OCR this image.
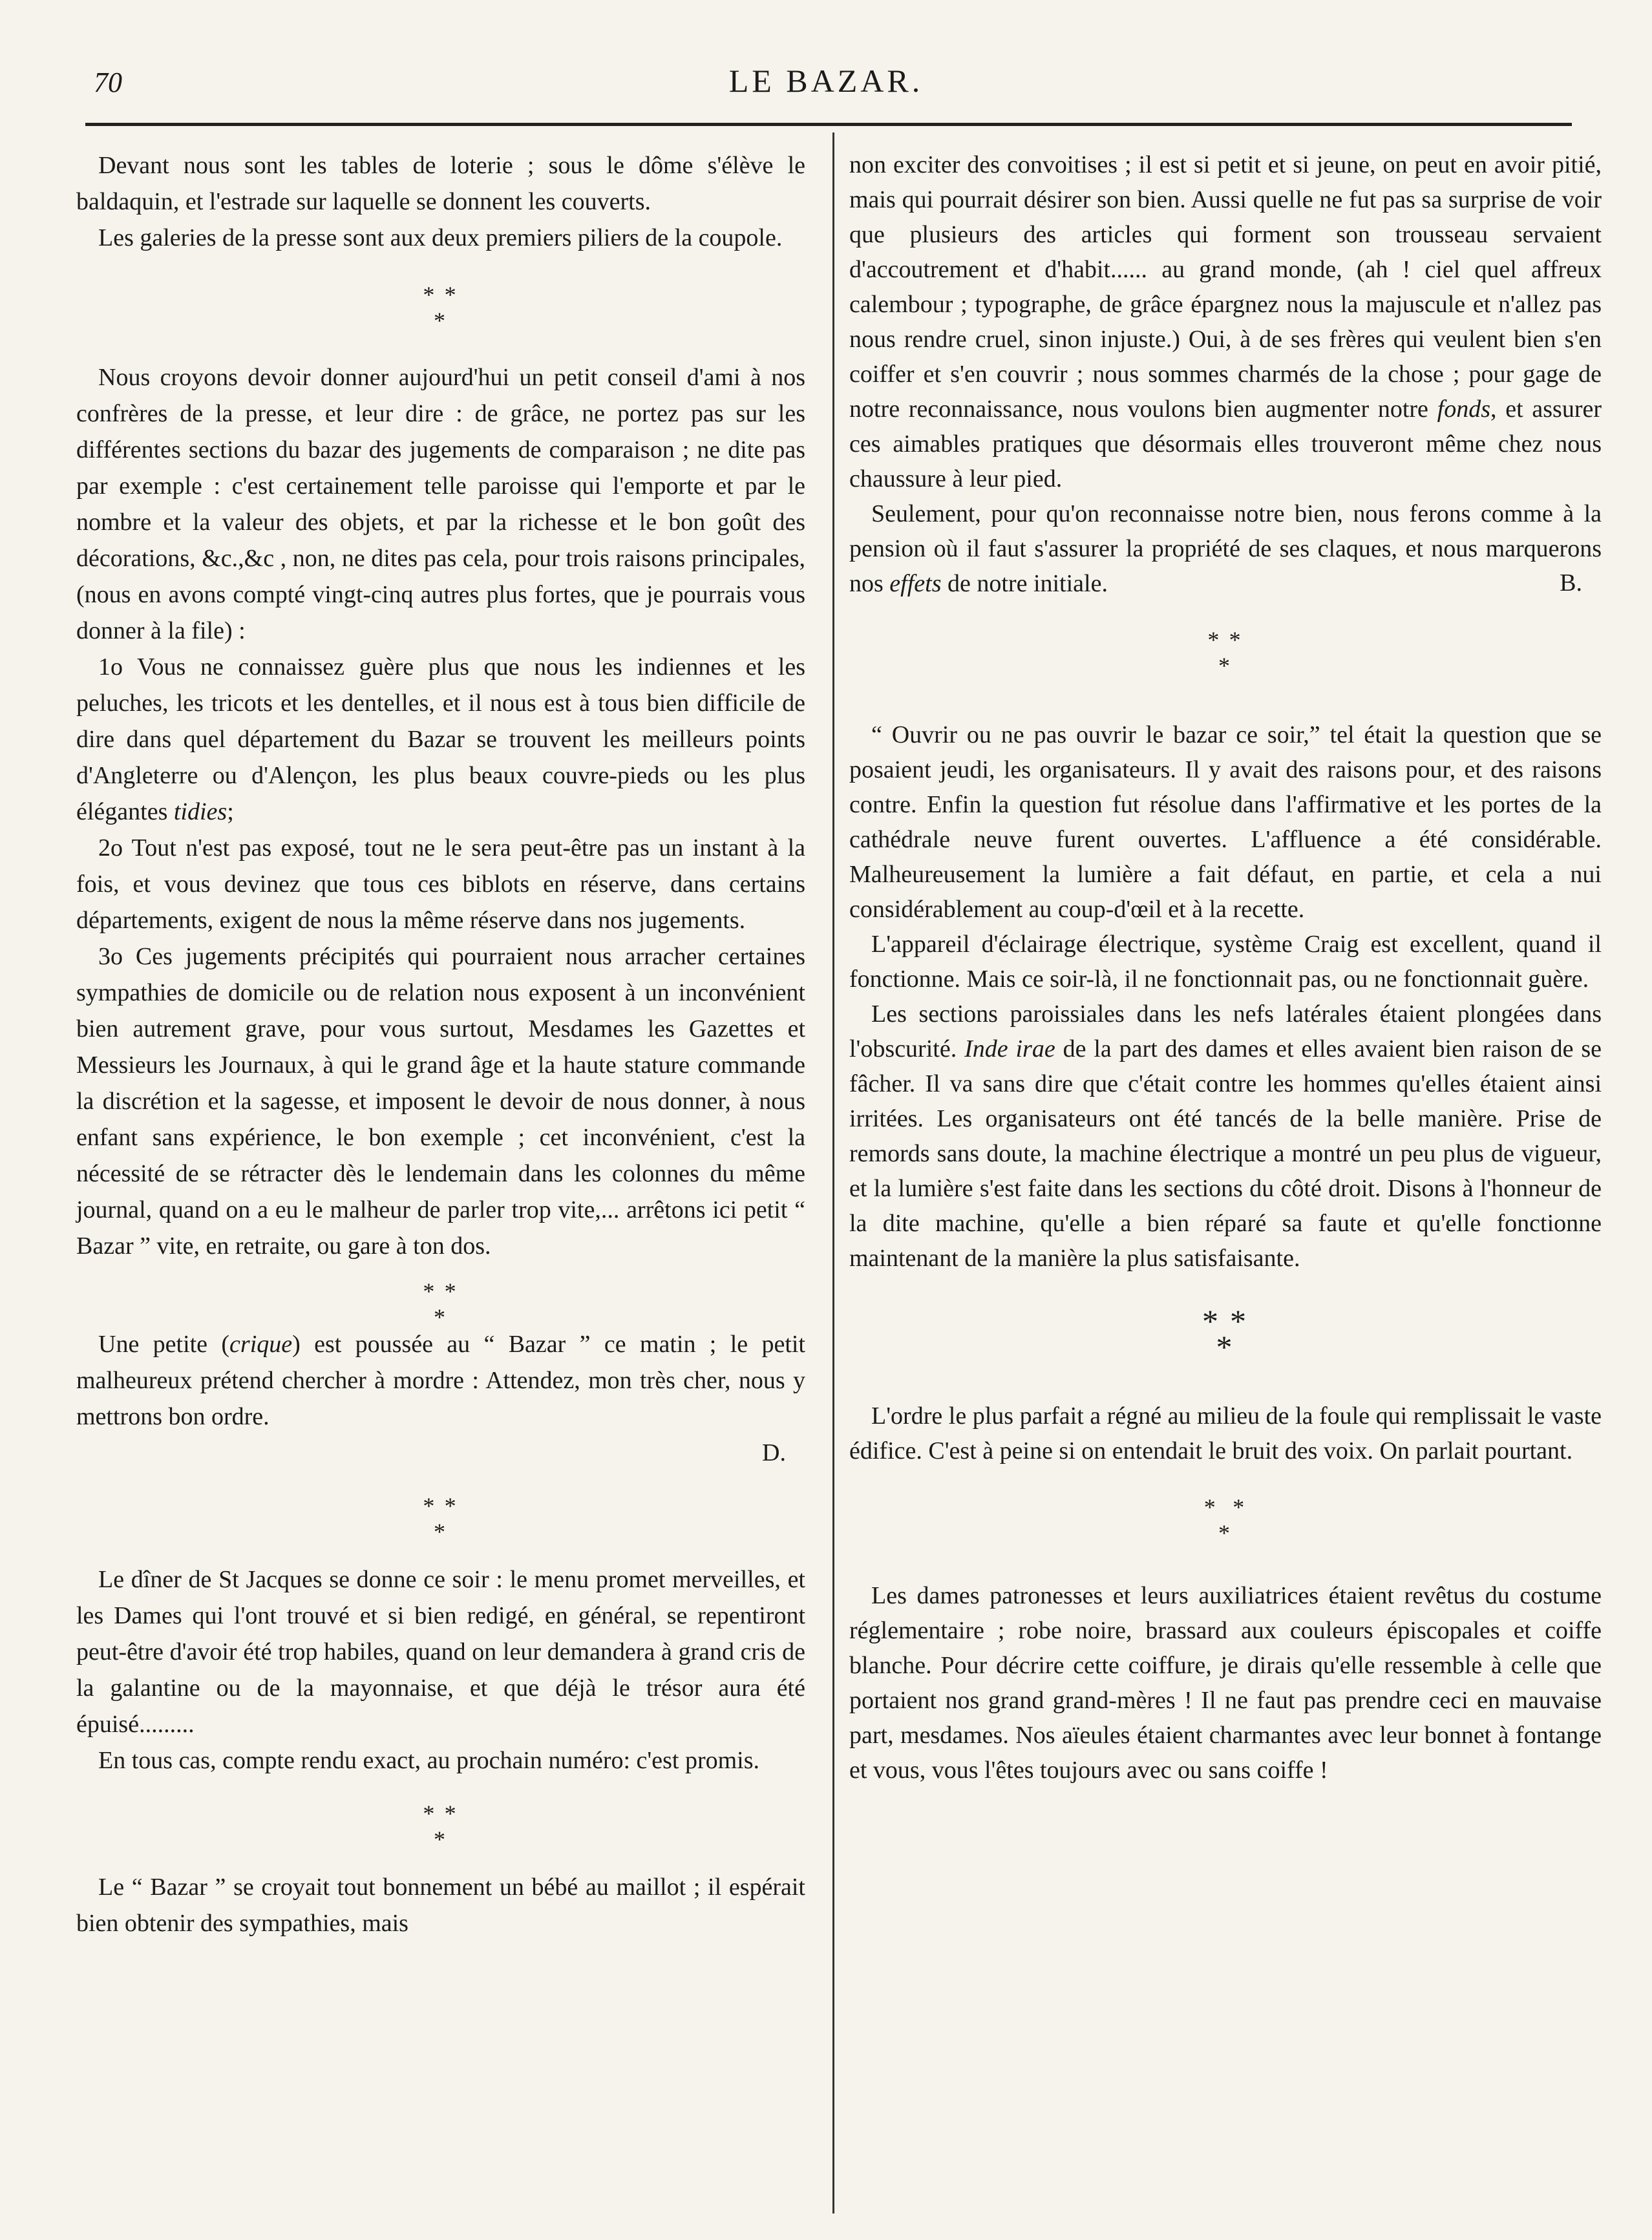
70	LE BAZAR.

Devant nous sont les tables de loterie ; sous le dôme s'élève le baldaquin, et l'estrade sur laquelle se donnent les couverts.

Les galeries de la presse sont aux deux premiers piliers de la coupole.

* *
*

Nous croyons devoir donner aujourd'hui un petit conseil d'ami à nos confrères de la presse, et leur dire : de grâce, ne portez pas sur les différentes sections du bazar des jugements de comparaison ; ne dite pas par exemple : c'est certainement telle paroisse qui l'emporte et par le nombre et la valeur des objets, et par la richesse et le bon goût des décorations, &c.,&c , non, ne dites pas cela, pour trois raisons principales, (nous en avons compté vingt-cinq autres plus fortes, que je pourrais vous donner à la file) :

1o Vous ne connaissez guère plus que nous les indiennes et les peluches, les tricots et les dentelles, et il nous est à tous bien difficile de dire dans quel département du Bazar se trouvent les meilleurs points d'Angleterre ou d'Alençon, les plus beaux couvre-pieds ou les plus élégantes tidies;

2o Tout n'est pas exposé, tout ne le sera peut-être pas un instant à la fois, et vous devinez que tous ces biblots en réserve, dans certains départements, exigent de nous la même réserve dans nos jugements.

3o Ces jugements précipités qui pourraient nous arracher certaines sympathies de domicile ou de relation nous exposent à un inconvénient bien autrement grave, pour vous surtout, Mesdames les Gazettes et Messieurs les Journaux, à qui le grand âge et la haute stature commande la discrétion et la sagesse, et imposent le devoir de nous donner, à nous enfant sans expérience, le bon exemple ; cet inconvénient, c'est la nécessité de se rétracter dès le lendemain dans les colonnes du même journal, quand on a eu le malheur de parler trop vite,... arrêtons ici petit “ Bazar ” vite, en retraite, ou gare à ton dos.

* *
*

Une petite (crique) est poussée au “ Bazar ” ce matin ; le petit malheureux prétend chercher à mordre : Attendez, mon très cher, nous y mettrons bon ordre.

D.

* *
*

Le dîner de St Jacques se donne ce soir : le menu promet merveilles, et les Dames qui l'ont trouvé et si bien redigé, en général, se repentiront peut-être d'avoir été trop habiles, quand on leur demandera à grand cris de la galantine ou de la mayonnaise, et que déjà le trésor aura été épuisé.........

En tous cas, compte rendu exact, au prochain numéro: c'est promis.

* *
*

Le “ Bazar ” se croyait tout bonnement un bébé au maillot ; il espérait bien obtenir des sympathies, mais

non exciter des convoitises ; il est si petit et si jeune, on peut en avoir pitié, mais qui pourrait désirer son bien. Aussi quelle ne fut pas sa surprise de voir que plusieurs des articles qui forment son trousseau servaient d'accoutrement et d'habit...... au grand monde, (ah ! ciel quel affreux calembour ; typographe, de grâce épargnez nous la majuscule et n'allez pas nous rendre cruel, sinon injuste.) Oui, à de ses frères qui veulent bien s'en coiffer et s'en couvrir ; nous sommes charmés de la chose ; pour gage de notre reconnaissance, nous voulons bien augmenter notre fonds, et assurer ces aimables pratiques que désormais elles trouveront même chez nous chaussure à leur pied.

Seulement, pour qu'on reconnaisse notre bien, nous ferons comme à la pension où il faut s'assurer la propriété de ses claques, et nous marquerons nos effets de notre initiale.	B.

* *
*

“ Ouvrir ou ne pas ouvrir le bazar ce soir,” tel était la question que se posaient jeudi, les organisateurs. Il y avait des raisons pour, et des raisons contre. Enfin la question fut résolue dans l'affirmative et les portes de la cathédrale neuve furent ouvertes. L'affluence a été considérable. Malheureusement la lumière a fait défaut, en partie, et cela a nui considérablement au coup-d'œil et à la recette.

L'appareil d'éclairage électrique, système Craig est excellent, quand il fonctionne. Mais ce soir-là, il ne fonctionnait pas, ou ne fonctionnait guère.

Les sections paroissiales dans les nefs latérales étaient plongées dans l'obscurité. Inde irae de la part des dames et elles avaient bien raison de se fâcher. Il va sans dire que c'était contre les hommes qu'elles étaient ainsi irritées. Les organisateurs ont été tancés de la belle manière. Prise de remords sans doute, la machine électrique a montré un peu plus de vigueur, et la lumière s'est faite dans les sections du côté droit. Disons à l'honneur de la dite machine, qu'elle a bien réparé sa faute et qu'elle fonctionne maintenant de la manière la plus satisfaisante.

* *
*

L'ordre le plus parfait a régné au milieu de la foule qui remplissait le vaste édifice. C'est à peine si on entendait le bruit des voix. On parlait pourtant.

*  *
*

Les dames patronesses et leurs auxiliatrices étaient revêtus du costume réglementaire ; robe noire, brassard aux couleurs épiscopales et coiffe blanche. Pour décrire cette coiffure, je dirais qu'elle ressemble à celle que portaient nos grand grand-mères ! Il ne faut pas prendre ceci en mauvaise part, mesdames. Nos aïeules étaient charmantes avec leur bonnet à fontange et vous, vous l'êtes toujours avec ou sans coiffe !
